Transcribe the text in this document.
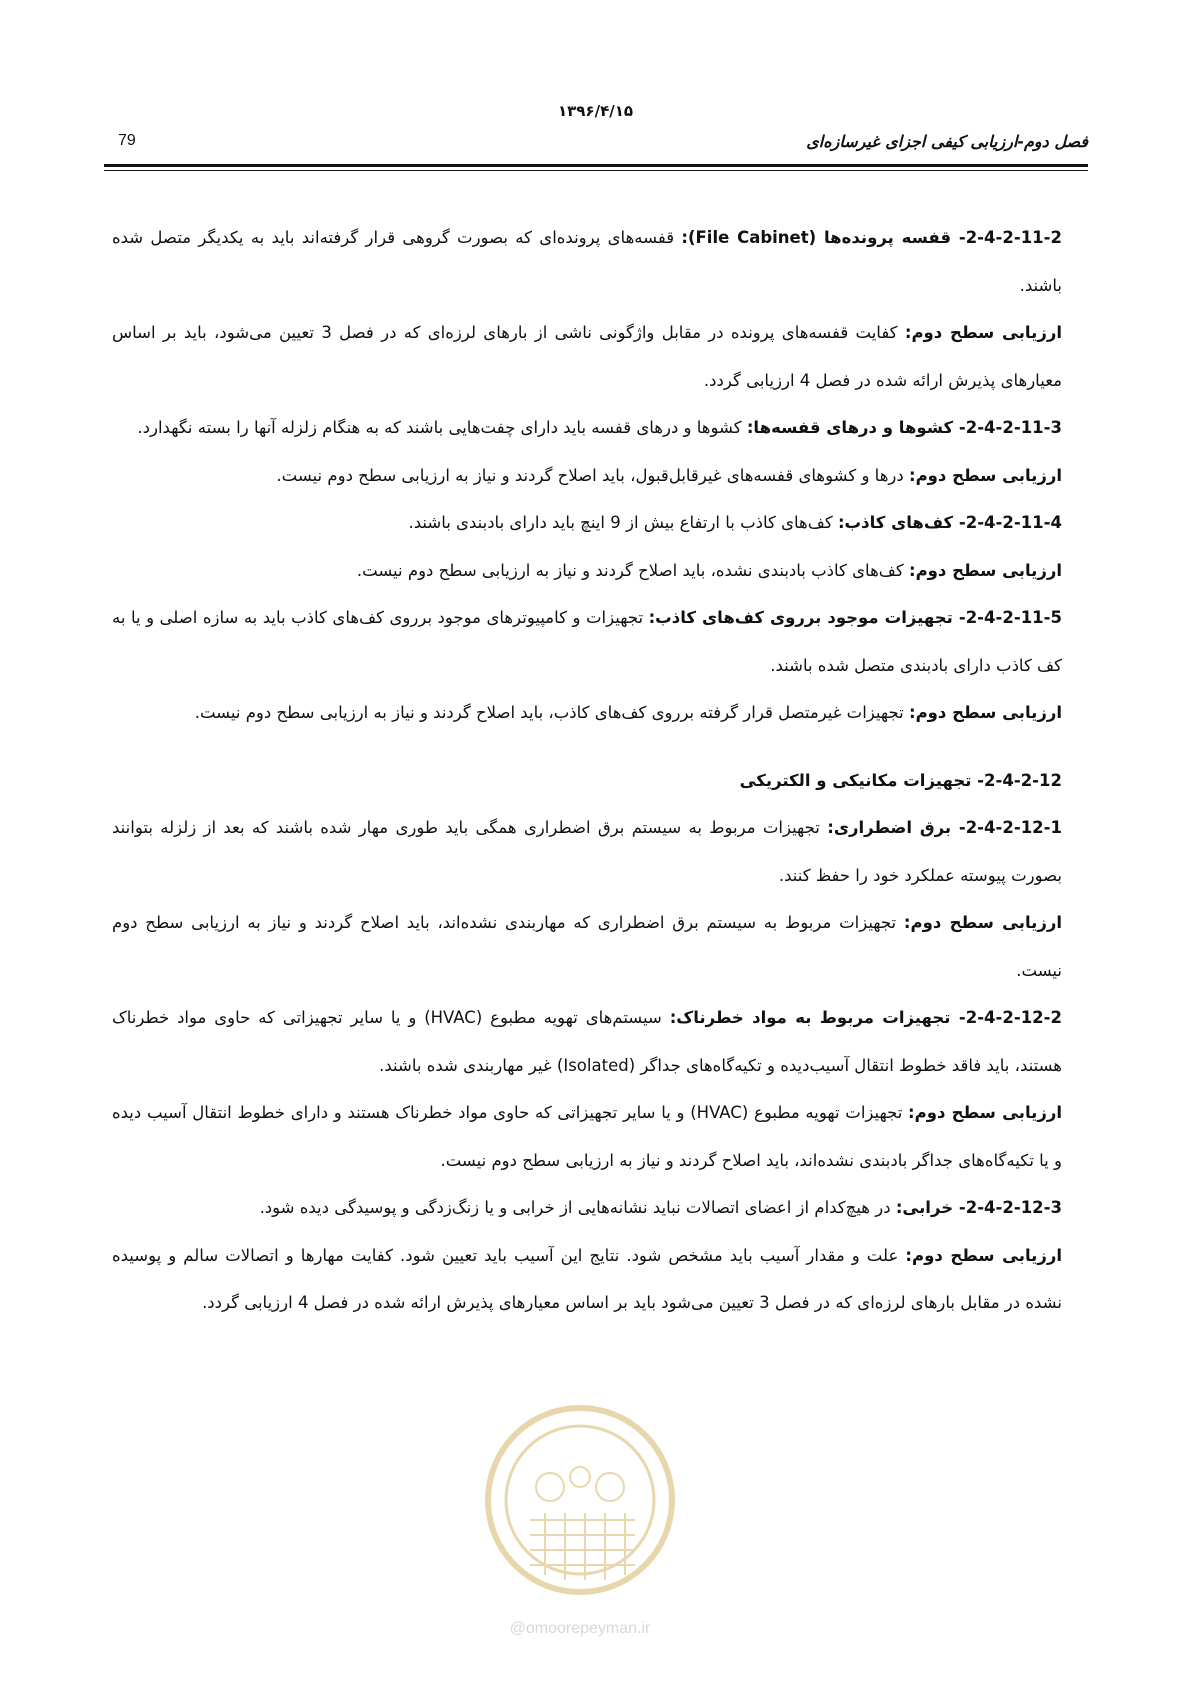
۱۳۹۶/۴/۱۵
79	فصل دوم-ارزیابی کیفی اجزای غیرسازه‌ای

2-4-2-11-2- قفسه پرونده‌ها (File Cabinet): قفسه‌های پرونده‌ای که بصورت گروهی قرار گرفته‌اند باید به یکدیگر متصل شده باشند.

ارزیابی سطح دوم: کفایت قفسه‌های پرونده در مقابل واژگونی ناشی از بارهای لرزه‌ای که در فصل 3 تعیین می‌شود، باید بر اساس معیارهای پذیرش ارائه شده در فصل 4 ارزیابی گردد.

2-4-2-11-3- کشوها و درهای قفسه‌ها: کشوها و درهای قفسه باید دارای چفت‌هایی باشند که به هنگام زلزله آنها را بسته نگهدارد.

ارزیابی سطح دوم: درها و کشوهای قفسه‌های غیرقابل‌قبول، باید اصلاح گردند و نیاز به ارزیابی سطح دوم نیست.

2-4-2-11-4- کف‌های کاذب: کف‌های کاذب با ارتفاع بیش از 9 اینچ باید دارای بادبندی باشند.

ارزیابی سطح دوم: کف‌های کاذب بادبندی نشده، باید اصلاح گردند و نیاز به ارزیابی سطح دوم نیست.

2-4-2-11-5- تجهیزات موجود برروی کف‌های کاذب: تجهیزات و کامپیوترهای موجود برروی کف‌های کاذب باید به سازه اصلی و یا به کف کاذب دارای بادبندی متصل شده باشند.

ارزیابی سطح دوم: تجهیزات غیرمتصل قرار گرفته برروی کف‌های کاذب، باید اصلاح گردند و نیاز به ارزیابی سطح دوم نیست.

2-4-2-12- تجهیزات مکانیکی و الکتریکی

2-4-2-12-1- برق اضطراری: تجهیزات مربوط به سیستم برق اضطراری همگی باید طوری مهار شده باشند که بعد از زلزله بتوانند بصورت پیوسته عملکرد خود را حفظ کنند.

ارزیابی سطح دوم: تجهیزات مربوط به سیستم برق اضطراری که مهاربندی نشده‌اند، باید اصلاح گردند و نیاز به ارزیابی سطح دوم نیست.

2-4-2-12-2- تجهیزات مربوط به مواد خطرناک: سیستم‌های تهویه مطبوع (HVAC) و یا سایر تجهیزاتی که حاوی مواد خطرناک هستند، باید فاقد خطوط انتقال آسیب‌دیده و تکیه‌گاه‌های جداگر (Isolated) غیر مهاربندی شده باشند.

ارزیابی سطح دوم: تجهیزات تهویه مطبوع (HVAC) و یا سایر تجهیزاتی که حاوی مواد خطرناک هستند و دارای خطوط انتقال آسیب دیده و یا تکیه‌گاه‌های جداگر بادبندی نشده‌اند، باید اصلاح گردند و نیاز به ارزیابی سطح دوم نیست.

2-4-2-12-3- خرابی: در هیچ‌کدام از اعضای اتصالات نباید نشانه‌هایی از خرابی و یا زنگ‌زدگی و پوسیدگی دیده شود.

ارزیابی سطح دوم: علت و مقدار آسیب باید مشخص شود. نتایج این آسیب باید تعیین شود. کفایت مهارها و اتصالات سالم و پوسیده نشده در مقابل بارهای لرزه‌ای که در فصل 3 تعیین می‌شود باید بر اساس معیارهای پذیرش ارائه شده در فصل 4 ارزیابی گردد.

@omoorepeyman.ir
